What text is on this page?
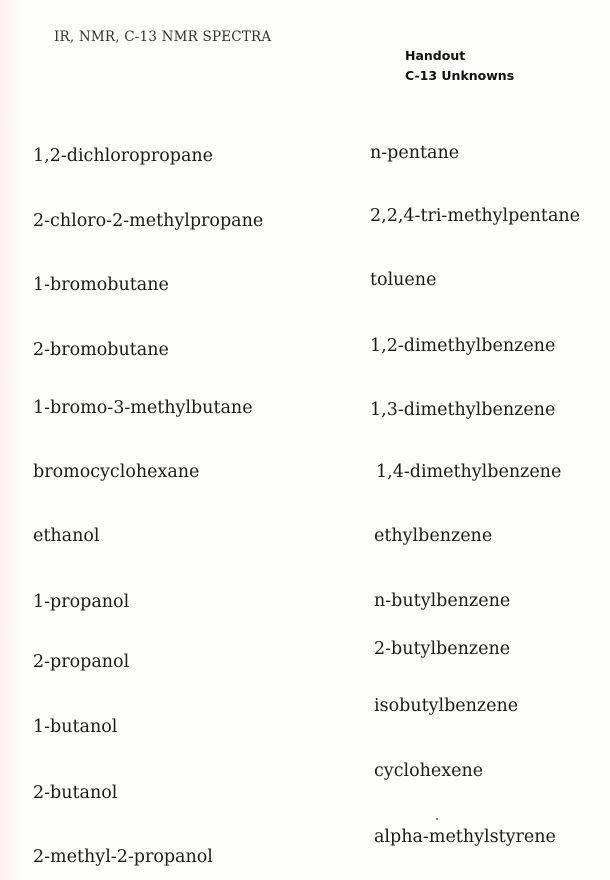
IR, NMR, C-13 NMR SPECTRA
Handout
C-13 Unknowns
1,2-dichloropropane
2-chloro-2-methylpropane
1-bromobutane
2-bromobutane
1-bromo-3-methylbutane
bromocyclohexane
ethanol
1-propanol
2-propanol
1-butanol
2-butanol
2-methyl-2-propanol
n-pentane
2,2,4-tri-methylpentane
toluene
1,2-dimethylbenzene
1,3-dimethylbenzene
1,4-dimethylbenzene
ethylbenzene
n-butylbenzene
2-butylbenzene
isobutylbenzene
cyclohexene
alpha-methylstyrene
